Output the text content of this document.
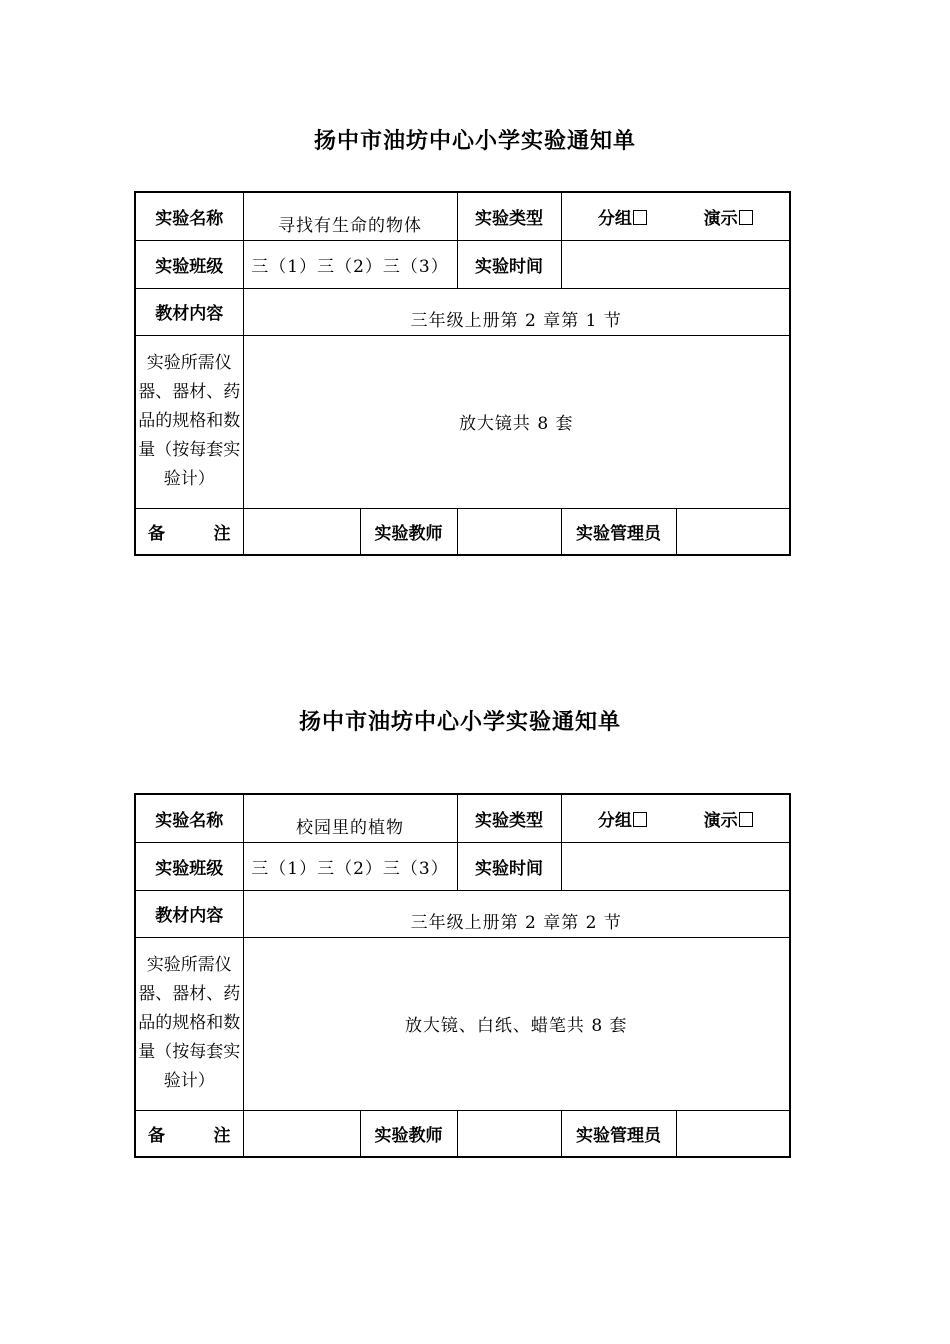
扬中市油坊中心小学实验通知单
实验名称	寻找有生命的物体		实验类型	分组 演示	

实验班级	三（1）三（2）三（3）		实验时间		
教材内容	三年级上册第 2 章第 1 节				
实验所需仪器、器材、药品的规格和数量（按每套实验计）	放大镜共 8 套				

备 注		实验教师		实验管理员	
扬中市油坊中心小学实验通知单
实验名称	校园里的植物		实验类型	分组 演示	

实验班级	三（1）三（2）三（3）		实验时间		
教材内容	三年级上册第 2 章第 2 节				
实验所需仪器、器材、药品的规格和数量（按每套实验计）	放大镜、白纸、蜡笔共 8 套				

备 注		实验教师		实验管理员	
